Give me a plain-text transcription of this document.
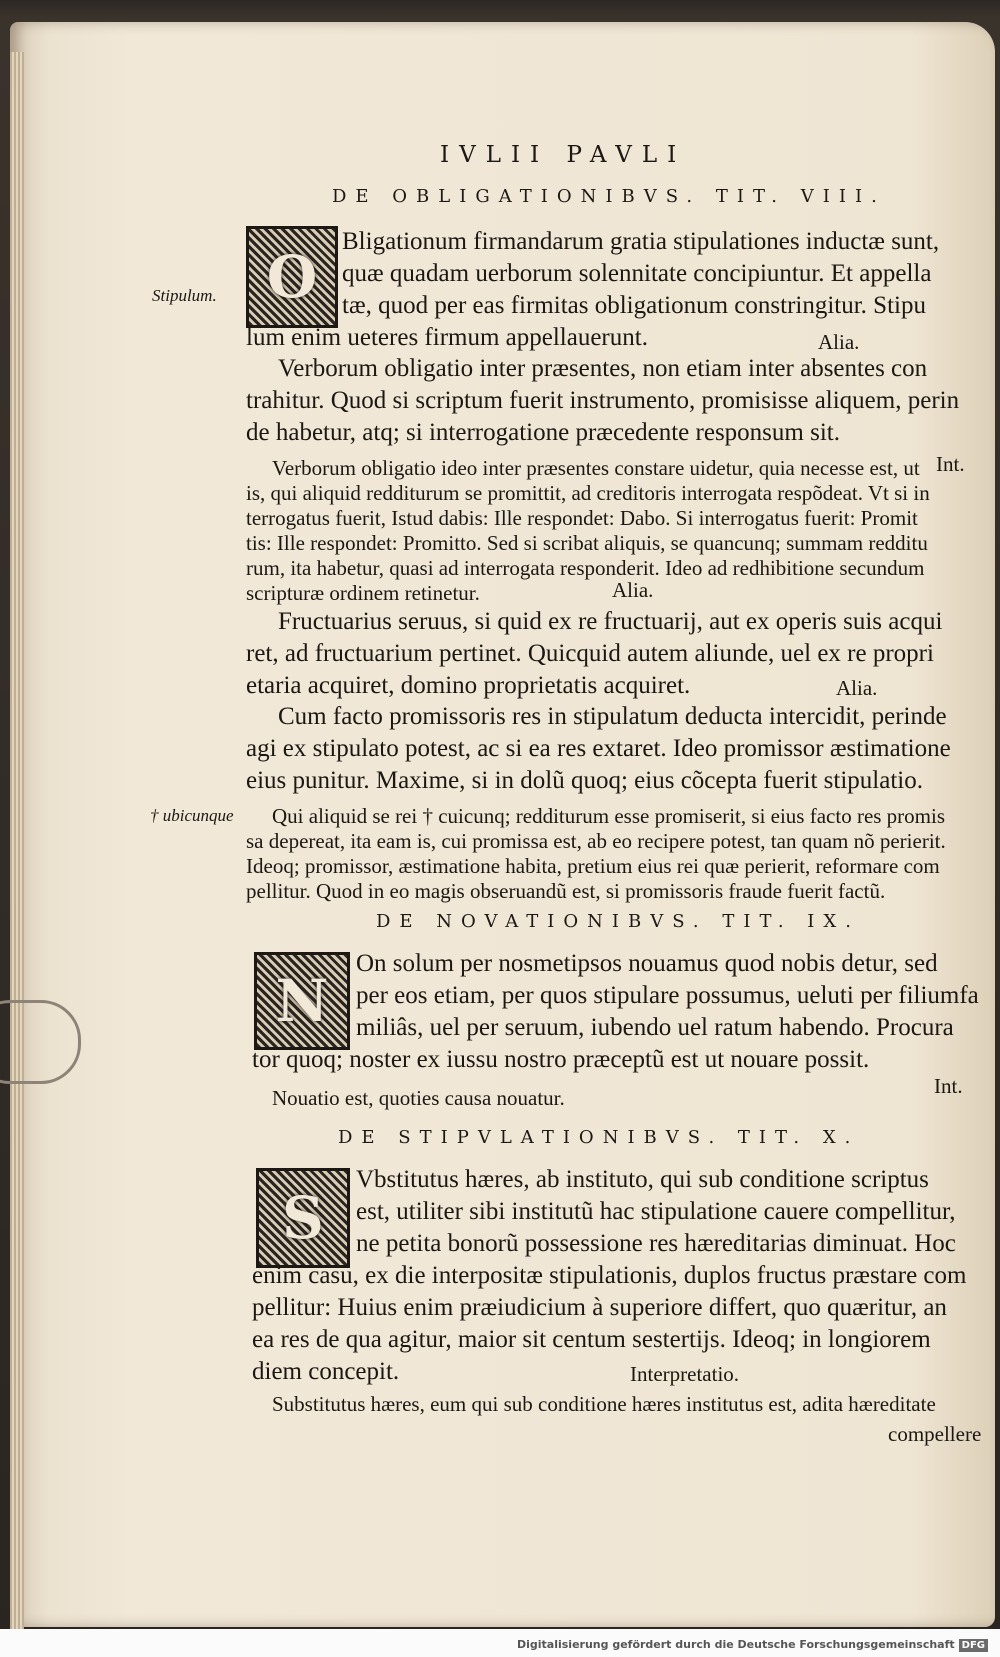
IVLII PAVLI
DE OBLIGATIONIBVS. TIT. VIII.
O
Stipulum.
Bligationum firmandarum gratia stipulationes inductæ sunt,
quæ quadam uerborum solennitate concipiuntur. Et appella
tæ, quod per eas firmitas obligationum constringitur. Stipu
lum enim ueteres firmum appellauerunt.	Alia.
Verborum obligatio inter præsentes, non etiam inter absentes con
trahitur. Quod si scriptum fuerit instrumento, promisisse aliquem, perin
de habetur, atq; si interrogatione præcedente responsum sit.
Int.
Verborum obligatio ideo inter præsentes constare uidetur, quia necesse est, ut
is, qui aliquid redditurum se promittit, ad creditoris interrogata respõdeat. Vt si in
terrogatus fuerit, Istud dabis: Ille respondet: Dabo. Si interrogatus fuerit: Promit
tis: Ille respondet: Promitto. Sed si scribat aliquis, se quancunq; summam redditu
rum, ita habetur, quasi ad interrogata responderit. Ideo ad redhibitione secundum
scripturæ ordinem retinetur.	Alia.
Fructuarius seruus, si quid ex re fructuarij, aut ex operis suis acqui
ret, ad fructuarium pertinet. Quicquid autem aliunde, uel ex re propri
etaria acquiret, domino proprietatis acquiret.	Alia.
Cum facto promissoris res in stipulatum deducta intercidit, perinde
agi ex stipulato potest, ac si ea res extaret. Ideo promissor æstimatione
eius punitur. Maxime, si in dolũ quoq; eius cõcepta fuerit stipulatio.
† ubicunque Qui aliquid se rei † cuicunq; redditurum esse promiserit, si eius facto res promis
sa depereat, ita eam is, cui promissa est, ab eo recipere potest, tan quam nõ perierit.
Ideoq; promissor, æstimatione habita, pretium eius rei quæ perierit, reformare com
pellitur. Quod in eo magis obseruandũ est, si promissoris fraude fuerit factũ.
DE NOVATIONIBVS. TIT. IX.
N
On solum per nosmetipsos nouamus quod nobis detur, sed
per eos etiam, per quos stipulare possumus, ueluti per filiumfa
miliâs, uel per seruum, iubendo uel ratum habendo. Procura
tor quoq; noster ex iussu nostro præceptũ est ut nouare possit.
Int.
Nouatio est, quoties causa nouatur.
DE STIPVLATIONIBVS. TIT. X.
S
Vbstitutus hæres, ab instituto, qui sub conditione scriptus
est, utiliter sibi institutũ hac stipulatione cauere compellitur,
ne petita bonorũ possessione res hæreditarias diminuat. Hoc
enim casu, ex die interpositæ stipulationis, duplos fructus præstare com
pellitur: Huius enim præiudicium à superiore differt, quo quæritur, an
ea res de qua agitur, maior sit centum sestertijs. Ideoq; in longiorem
diem concepit.	Interpretatio.
Substitutus hæres, eum qui sub conditione hæres institutus est, adita hæreditate
compellere
Digitalisierung gefördert durch die Deutsche Forschungsgemeinschaft DFG
